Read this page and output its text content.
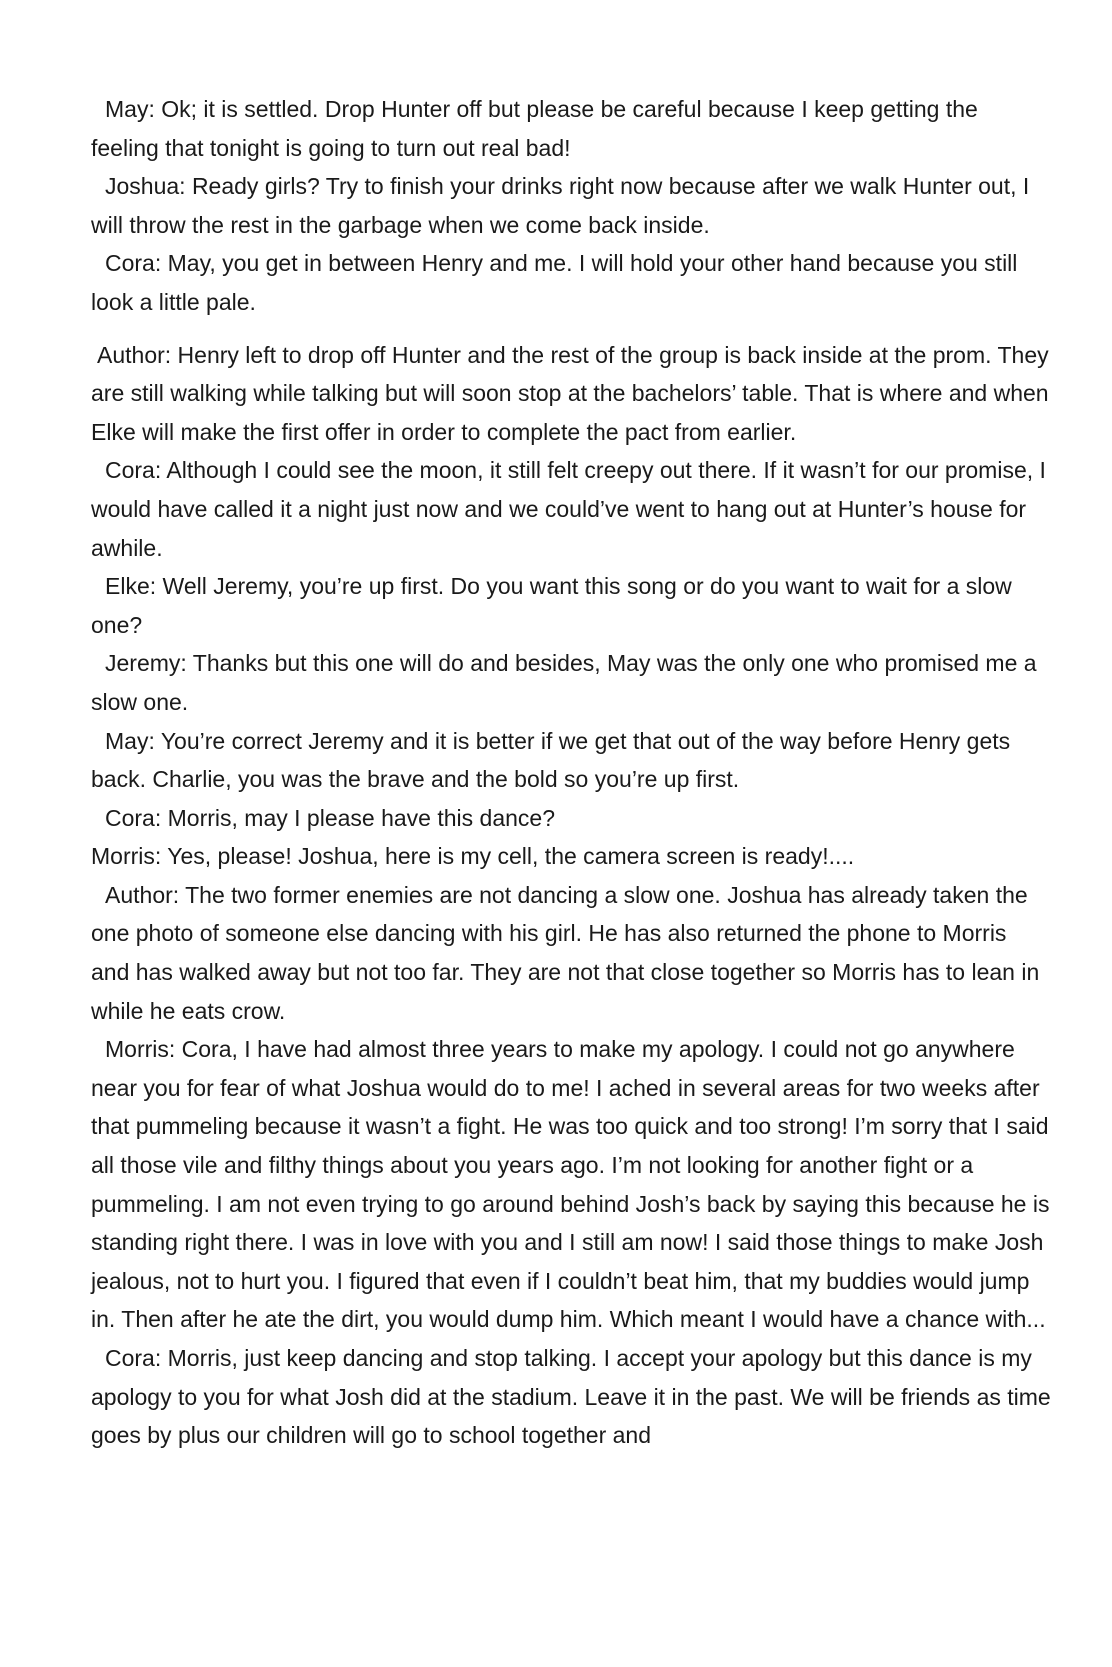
May: Ok; it is settled. Drop Hunter off but please be careful because I keep getting the feeling that tonight is going to turn out real bad!

Joshua: Ready girls? Try to finish your drinks right now because after we walk Hunter out, I will throw the rest in the garbage when we come back inside.

Cora: May, you get in between Henry and me. I will hold your other hand because you still look a little pale.

Author: Henry left to drop off Hunter and the rest of the group is back inside at the prom. They are still walking while talking but will soon stop at the bachelors’ table. That is where and when Elke will make the first offer in order to complete the pact from earlier.

Cora: Although I could see the moon, it still felt creepy out there. If it wasn’t for our promise, I would have called it a night just now and we could’ve went to hang out at Hunter’s house for awhile.

Elke: Well Jeremy, you’re up first. Do you want this song or do you want to wait for a slow one?

Jeremy: Thanks but this one will do and besides, May was the only one who promised me a slow one.

May: You’re correct Jeremy and it is better if we get that out of the way before Henry gets back. Charlie, you was the brave and the bold so you’re up first.

Cora: Morris, may I please have this dance?

Morris: Yes, please! Joshua, here is my cell, the camera screen is ready!....

Author: The two former enemies are not dancing a slow one. Joshua has already taken the one photo of someone else dancing with his girl. He has also returned the phone to Morris and has walked away but not too far. They are not that close together so Morris has to lean in while he eats crow.

Morris: Cora, I have had almost three years to make my apology. I could not go anywhere near you for fear of what Joshua would do to me! I ached in several areas for two weeks after that pummeling because it wasn’t a fight. He was too quick and too strong! I’m sorry that I said all those vile and filthy things about you years ago. I’m not looking for another fight or a pummeling. I am not even trying to go around behind Josh’s back by saying this because he is standing right there. I was in love with you and I still am now! I said those things to make Josh jealous, not to hurt you. I figured that even if I couldn’t beat him, that my buddies would jump in. Then after he ate the dirt, you would dump him. Which meant I would have a chance with...

Cora: Morris, just keep dancing and stop talking. I accept your apology but this dance is my apology to you for what Josh did at the stadium. Leave it in the past. We will be friends as time goes by plus our children will go to school together and
